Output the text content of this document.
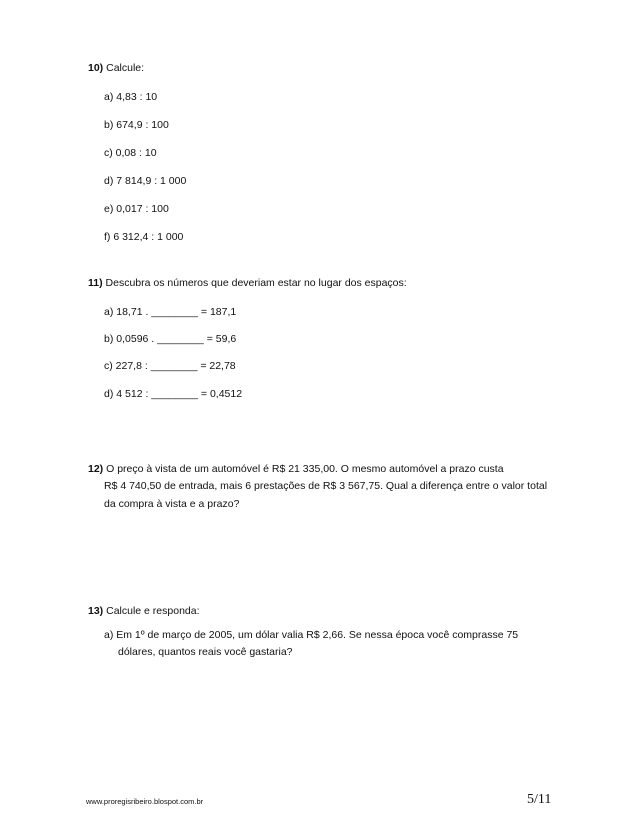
10) Calcule:
a) 4,83 : 10
b) 674,9 : 100
c) 0,08 : 10
d) 7 814,9 : 1 000
e) 0,017 : 100
f) 6 312,4 : 1 000
11) Descubra os números que deveriam estar no lugar dos espaços:
a) 18,71 . ________ = 187,1
b) 0,0596 . ________ = 59,6
c) 227,8 : ________ = 22,78
d) 4 512 : ________ = 0,4512
12) O preço à vista de um automóvel é R$ 21 335,00. O mesmo automóvel a prazo custa
R$ 4 740,50 de entrada, mais 6 prestações de R$ 3 567,75. Qual a diferença entre o valor total
da compra à vista e a prazo?
13) Calcule e responda:
a) Em 1º de março de 2005, um dólar valia R$ 2,66. Se nessa época você comprasse 75
dólares, quantos reais você gastaria?
www.proregisribeiro.blospot.com.br	5/11
